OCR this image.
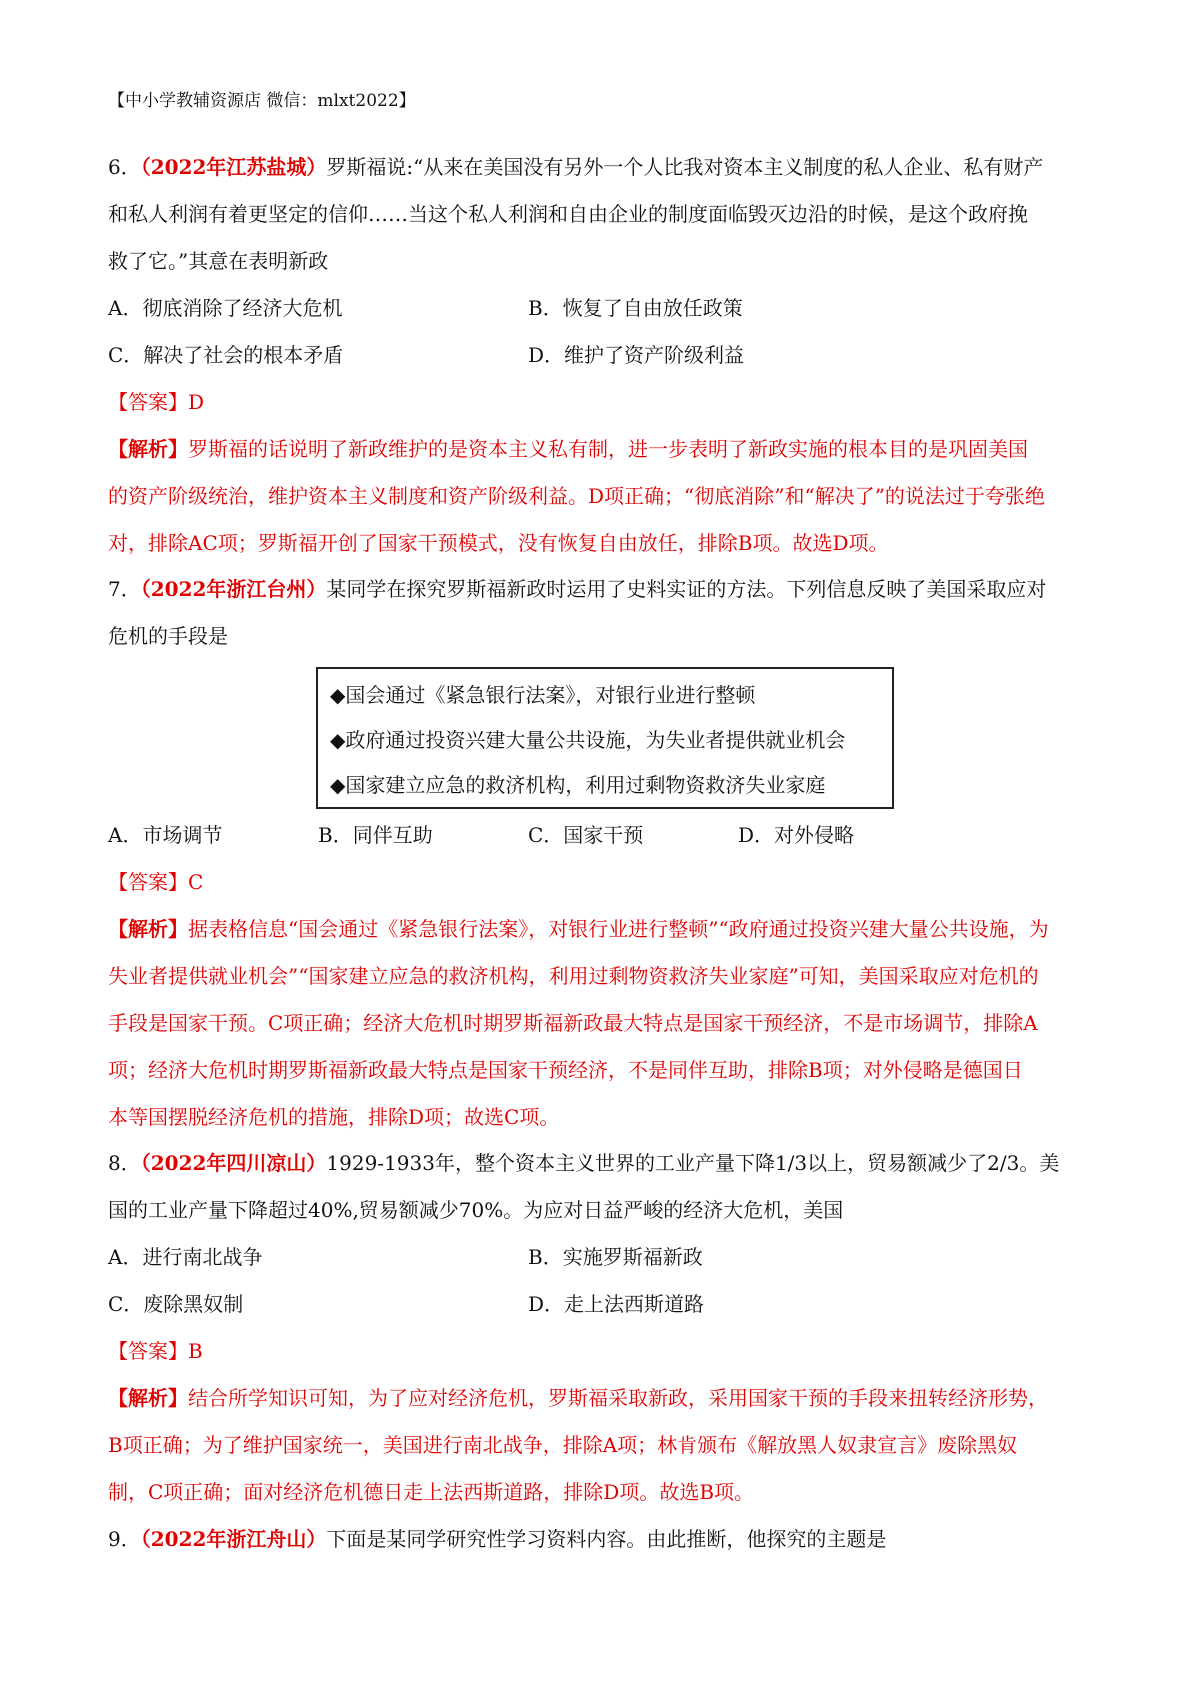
【中小学教辅资源店 微信：mlxt2022】
6．（2022年江苏盐城）罗斯福说:“从来在美国没有另外一个人比我对资本主义制度的私人企业、私有财产
和私人利润有着更坚定的信仰……当这个私人利润和自由企业的制度面临毁灭边沿的时候，是这个政府挽
救了它。”其意在表明新政
A．彻底消除了经济大危机	B．恢复了自由放任政策
C．解决了社会的根本矛盾	D．维护了资产阶级利益
【答案】D
【解析】罗斯福的话说明了新政维护的是资本主义私有制，进一步表明了新政实施的根本目的是巩固美国
的资产阶级统治，维护资本主义制度和资产阶级利益。D项正确；“彻底消除”和“解决了”的说法过于夸张绝
对，排除AC项；罗斯福开创了国家干预模式，没有恢复自由放任，排除B项。故选D项。
7．（2022年浙江台州）某同学在探究罗斯福新政时运用了史料实证的方法。下列信息反映了美国采取应对
危机的手段是
◆国会通过《紧急银行法案》，对银行业进行整顿
◆政府通过投资兴建大量公共设施，为失业者提供就业机会
◆国家建立应急的救济机构，利用过剩物资救济失业家庭
A．市场调节	B．同伴互助	C．国家干预	D．对外侵略
【答案】C
【解析】据表格信息“国会通过《紧急银行法案》，对银行业进行整顿”“政府通过投资兴建大量公共设施，为
失业者提供就业机会”“国家建立应急的救济机构，利用过剩物资救济失业家庭”可知，美国采取应对危机的
手段是国家干预。C项正确；经济大危机时期罗斯福新政最大特点是国家干预经济，不是市场调节，排除A
项；经济大危机时期罗斯福新政最大特点是国家干预经济，不是同伴互助，排除B项；对外侵略是德国日
本等国摆脱经济危机的措施，排除D项；故选C项。
8．（2022年四川凉山）1929-1933年，整个资本主义世界的工业产量下降1/3以上，贸易额减少了2/3。美
国的工业产量下降超过40%,贸易额减少70%。为应对日益严峻的经济大危机，美国
A．进行南北战争	B．实施罗斯福新政
C．废除黑奴制	D．走上法西斯道路
【答案】B
【解析】结合所学知识可知，为了应对经济危机，罗斯福采取新政，采用国家干预的手段来扭转经济形势，
B项正确；为了维护国家统一，美国进行南北战争，排除A项；林肯颁布《解放黑人奴隶宣言》废除黑奴
制，C项正确；面对经济危机德日走上法西斯道路，排除D项。故选B项。
9．（2022年浙江舟山）下面是某同学研究性学习资料内容。由此推断，他探究的主题是
